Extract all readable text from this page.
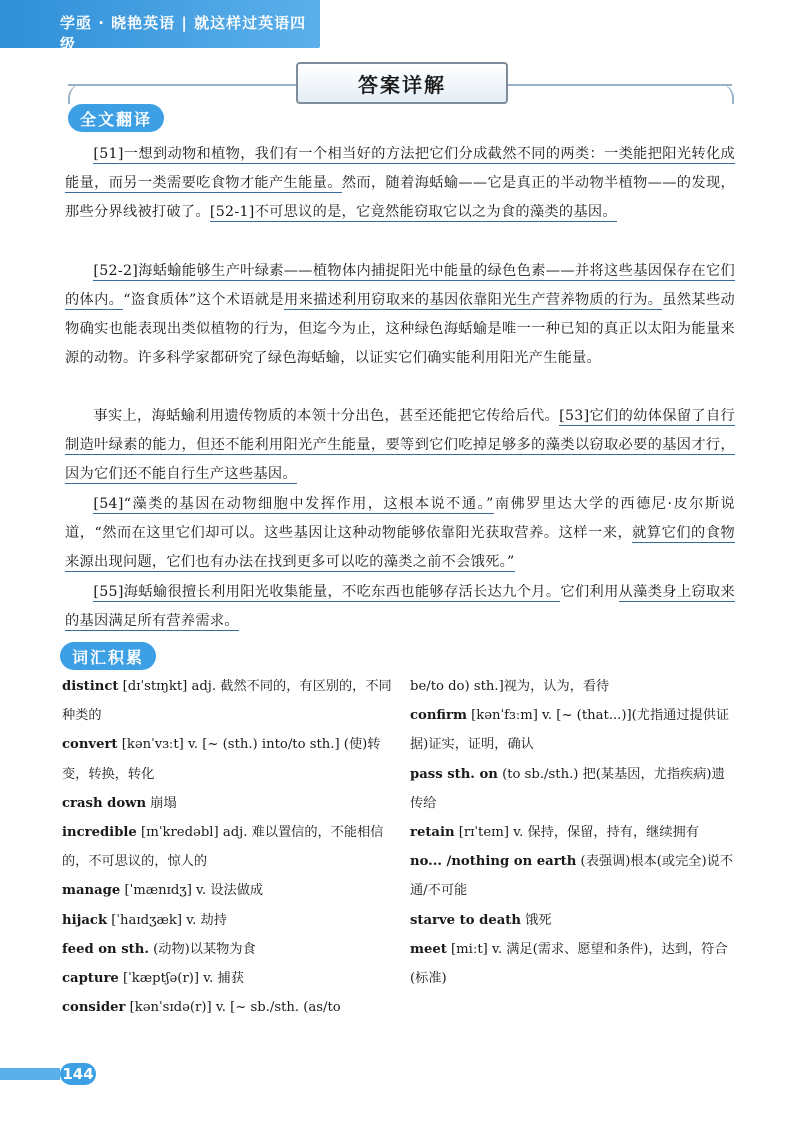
学亟 · 晓艳英语 | 就这样过英语四级
答案详解
全文翻译

[51]一想到动物和植物，我们有一个相当好的方法把它们分成截然不同的两类：一类能把阳光转化成能量，而另一类需要吃食物才能产生能量。然而，随着海蛞蝓——它是真正的半动物半植物——的发现，那些分界线被打破了。[52-1]不可思议的是，它竟然能窃取它以之为食的藻类的基因。

[52-2]海蛞蝓能够生产叶绿素——植物体内捕捉阳光中能量的绿色色素——并将这些基因保存在它们的体内。“盗食质体”这个术语就是用来描述利用窃取来的基因依靠阳光生产营养物质的行为。虽然某些动物确实也能表现出类似植物的行为，但迄今为止，这种绿色海蛞蝓是唯一一种已知的真正以太阳为能量来源的动物。许多科学家都研究了绿色海蛞蝓，以证实它们确实能利用阳光产生能量。

事实上，海蛞蝓利用遗传物质的本领十分出色，甚至还能把它传给后代。[53]它们的幼体保留了自行制造叶绿素的能力，但还不能利用阳光产生能量，要等到它们吃掉足够多的藻类以窃取必要的基因才行，因为它们还不能自行生产这些基因。

[54]“藻类的基因在动物细胞中发挥作用，这根本说不通。”南佛罗里达大学的西德尼·皮尔斯说道，“然而在这里它们却可以。这些基因让这种动物能够依靠阳光获取营养。这样一来，就算它们的食物来源出现问题，它们也有办法在找到更多可以吃的藻类之前不会饿死。”

[55]海蛞蝓很擅长利用阳光收集能量，不吃东西也能够存活长达九个月。它们利用从藻类身上窃取来的基因满足所有营养需求。

词汇积累

distinct [dɪˈstɪŋkt] adj. 截然不同的，有区别的，不同种类的

convert [kənˈvɜːt] v. [~ (sth.) into/to sth.] (使)转变，转换，转化

crash down 崩塌

incredible [ɪnˈkredəbl] adj. 难以置信的，不能相信的，不可思议的，惊人的

manage [ˈmænɪdʒ] v. 设法做成

hijack [ˈhaɪdʒæk] v. 劫持

feed on sth. (动物)以某物为食

capture [ˈkæptʃə(r)] v. 捕获

consider [kənˈsɪdə(r)] v. [~ sb./sth. (as/to

be/to do) sth.]视为，认为，看待

confirm [kənˈfɜːm] v. [~ (that...)](尤指通过提供证据)证实，证明，确认

pass sth. on (to sb./sth.) 把(某基因，尤指疾病)遗传给

retain [rɪˈteɪn] v. 保持，保留，持有，继续拥有

no... /nothing on earth (表强调)根本(或完全)说不通/不可能

starve to death 饿死

meet [miːt] v. 满足(需求、愿望和条件)，达到，符合(标准)

144
